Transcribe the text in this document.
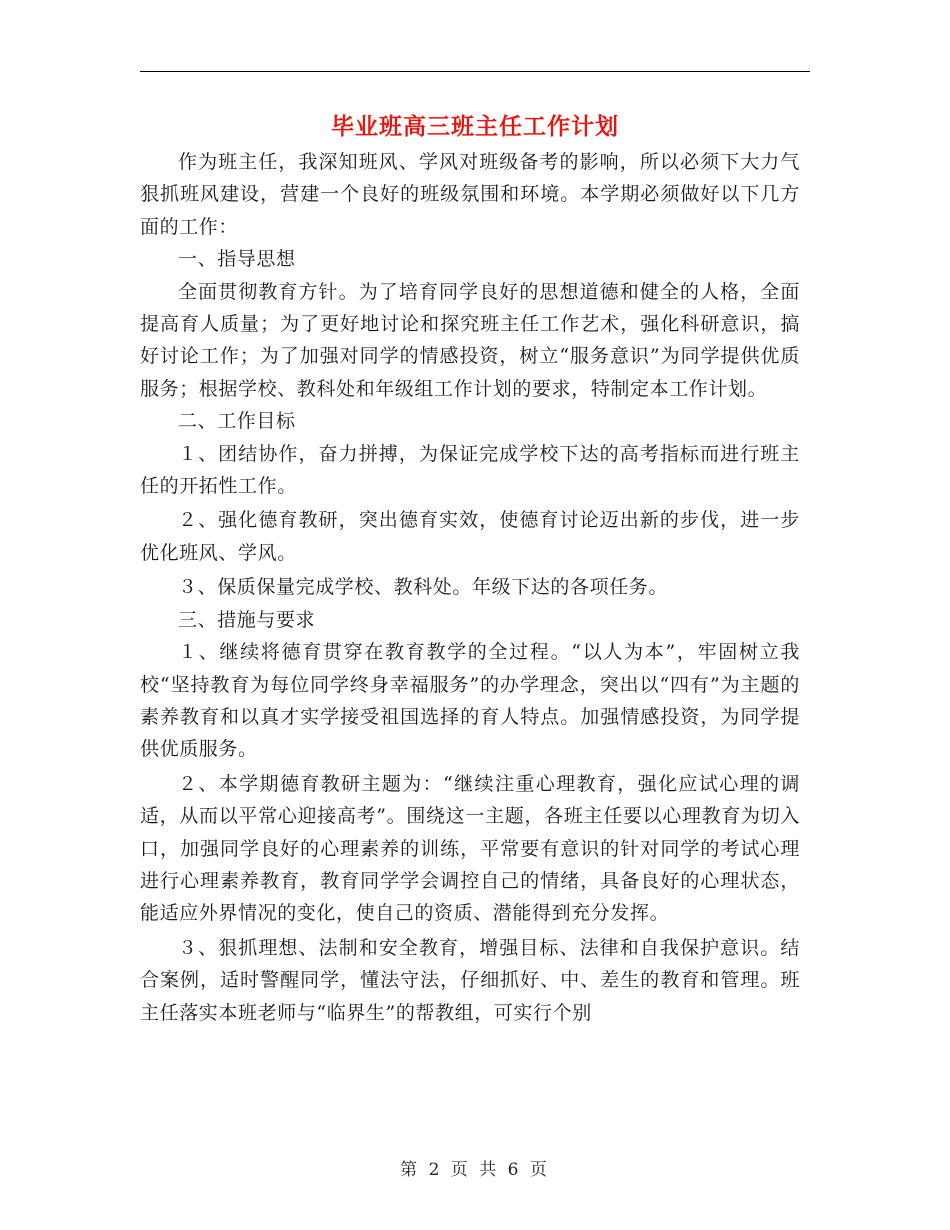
毕业班高三班主任工作计划

作为班主任，我深知班风、学风对班级备考的影响，所以必须下大力气狠抓班风建设，营建一个良好的班级氛围和环境。本学期必须做好以下几方面的工作：

一、指导思想

全面贯彻教育方针。为了培育同学良好的思想道德和健全的人格，全面提高育人质量；为了更好地讨论和探究班主任工作艺术，强化科研意识，搞好讨论工作；为了加强对同学的情感投资，树立“服务意识”为同学提供优质服务；根据学校、教科处和年级组工作计划的要求，特制定本工作计划。

二、工作目标

１、团结协作，奋力拼搏，为保证完成学校下达的高考指标而进行班主任的开拓性工作。

２、强化德育教研，突出德育实效，使德育讨论迈出新的步伐，进一步优化班风、学风。

３、保质保量完成学校、教科处。年级下达的各项任务。

三、措施与要求

１、继续将德育贯穿在教育教学的全过程。“以人为本”，牢固树立我校“坚持教育为每位同学终身幸福服务”的办学理念，突出以“四有”为主题的素养教育和以真才实学接受祖国选择的育人特点。加强情感投资，为同学提供优质服务。

２、本学期德育教研主题为：“继续注重心理教育，强化应试心理的调适，从而以平常心迎接高考”。围绕这一主题，各班主任要以心理教育为切入口，加强同学良好的心理素养的训练，平常要有意识的针对同学的考试心理进行心理素养教育，教育同学学会调控自己的情绪，具备良好的心理状态，能适应外界情况的变化，使自己的资质、潜能得到充分发挥。

３、狠抓理想、法制和安全教育，增强目标、法律和自我保护意识。结合案例，适时警醒同学，懂法守法，仔细抓好、中、差生的教育和管理。班主任落实本班老师与“临界生”的帮教组，可实行个别

第 2 页 共 6 页
